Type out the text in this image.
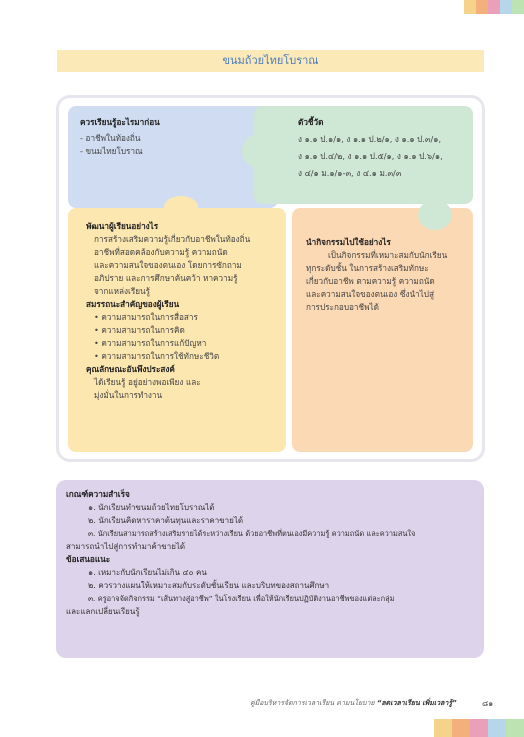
ขนมถ้วยไทยโบราณ
ควรเรียนรู้อะไรมาก่อน
- อาชีพในท้องถิ่น
- ขนมไทยโบราณ
ตัวชี้วัด
ง ๑.๑ ป.๑/๑, ง ๑.๑ ป.๒/๑, ง ๑.๑ ป.๓/๑,
ง ๑.๑ ป.๔/๒, ง ๑.๑ ป.๕/๑, ง ๑.๑ ป.๖/๑,
ง ๔/๑ ม.๑/๑-๓, ง ๔.๑ ม.๓/๓
พัฒนาผู้เรียนอย่างไร
การสร้างเสริมความรู้เกี่ยวกับอาชีพในท้องถิ่น
อาชีพที่สอดคล้องกับความรู้ ความถนัด
และความสนใจของตนเอง โดยการซักถาม
อภิปราย และการศึกษาค้นคว้า หาความรู้
จากแหล่งเรียนรู้
สมรรถนะสำคัญของผู้เรียน
• ความสามารถในการสื่อสาร
• ความสามารถในการคิด
• ความสามารถในการแก้ปัญหา
• ความสามารถในการใช้ทักษะชีวิต
คุณลักษณะอันพึงประสงค์
ได้เรียนรู้ อยู่อย่างพอเพียง และ
มุ่งมั่นในการทำงาน
นำกิจกรรมไปใช้อย่างไร
เป็นกิจกรรมที่เหมาะสมกับนักเรียน
ทุกระดับชั้น ในการสร้างเสริมทักษะ
เกี่ยวกับอาชีพ ตามความรู้ ความถนัด
และความสนใจของตนเอง ซึ่งนำไปสู่
การประกอบอาชีพได้
เกณฑ์ความสำเร็จ
๑. นักเรียนทำขนมถ้วยไทยโบราณได้
๒. นักเรียนคิดหาราคาต้นทุนและราคาขายได้
๓. นักเรียนสามารถสร้างเสริมรายได้ระหว่างเรียน ด้วยอาชีพที่ตนเองมีความรู้ ความถนัด และความสนใจ
สามารถนำไปสู่การทำมาค้าขายได้
ข้อเสนอแนะ
๑. เหมาะกับนักเรียนไม่เกิน ๔๐ คน
๒. ควรวางแผนให้เหมาะสมกับระดับชั้นเรียน และบริบทของสถานศึกษา
๓. ครูอาจจัดกิจกรรม “เส้นทางสู่อาชีพ” ในโรงเรียน เพื่อให้นักเรียนปฏิบัติงานอาชีพของแต่ละกลุ่ม
และแลกเปลี่ยนเรียนรู้
คู่มือบริหารจัดการเวลาเรียน ตามนโยบาย “ลดเวลาเรียน เพิ่มเวลารู้”	๘๑
